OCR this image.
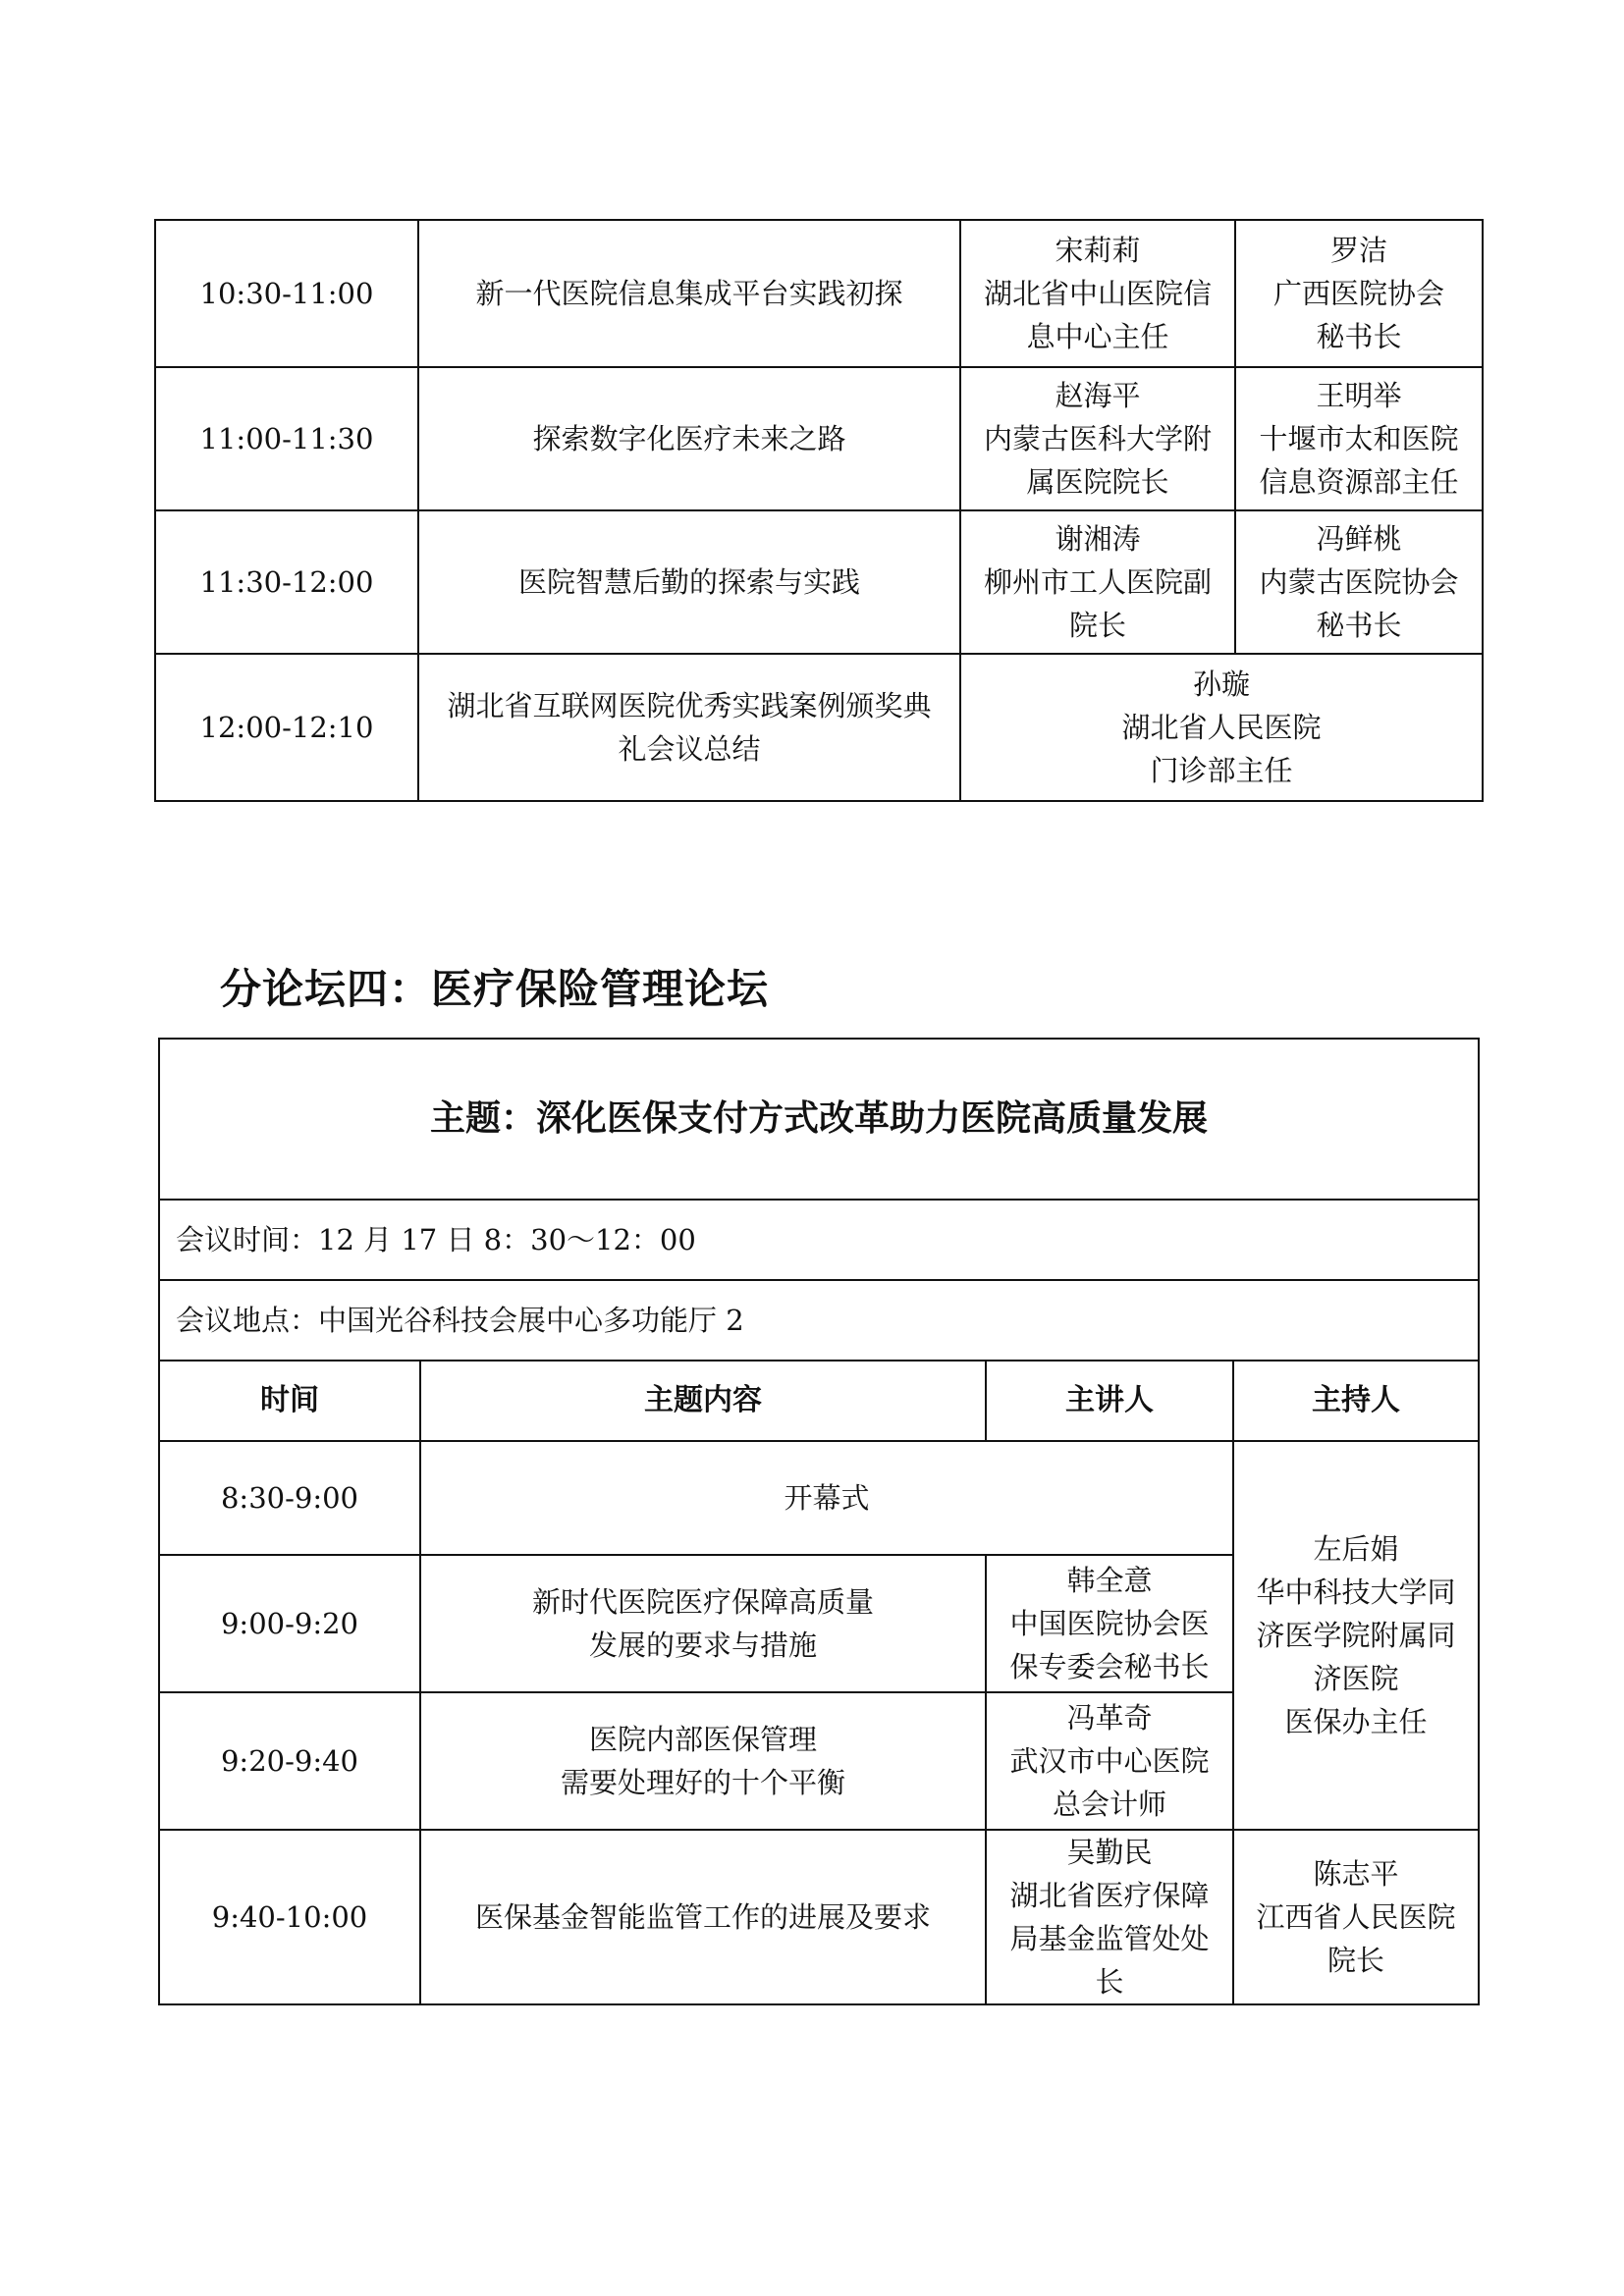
10:30-11:00	新一代医院信息集成平台实践初探	宋莉莉
湖北省中山医院信
息中心主任	罗洁
广西医院协会
秘书长

11:00-11:30	探索数字化医疗未来之路	赵海平
内蒙古医科大学附
属医院院长	王明举
十堰市太和医院
信息资源部主任

11:30-12:00	医院智慧后勤的探索与实践	谢湘涛
柳州市工人医院副
院长	冯鲜桃
内蒙古医院协会
秘书长

12:00-12:10	湖北省互联网医院优秀实践案例颁奖典
礼会议总结	孙璇
湖北省人民医院
门诊部主任	
分论坛四：医疗保险管理论坛
主题：深化医保支付方式改革助力医院高质量发展			
会议时间：12 月 17 日 8：30～12：00			
会议地点：中国光谷科技会展中心多功能厅 2			
时间	主题内容	主讲人	主持人
8:30-9:00	开幕式		左后娟
华中科技大学同
济医学院附属同
济医院
医保办主任

9:00-9:20	新时代医院医疗保障高质量
发展的要求与措施	韩全意
中国医院协会医
保专委会秘书长	

9:20-9:40	医院内部医保管理
需要处理好的十个平衡	冯革奇
武汉市中心医院
总会计师	

9:40-10:00	医保基金智能监管工作的进展及要求	吴勤民
湖北省医疗保障
局基金监管处处
长	陈志平
江西省人民医院
院长
